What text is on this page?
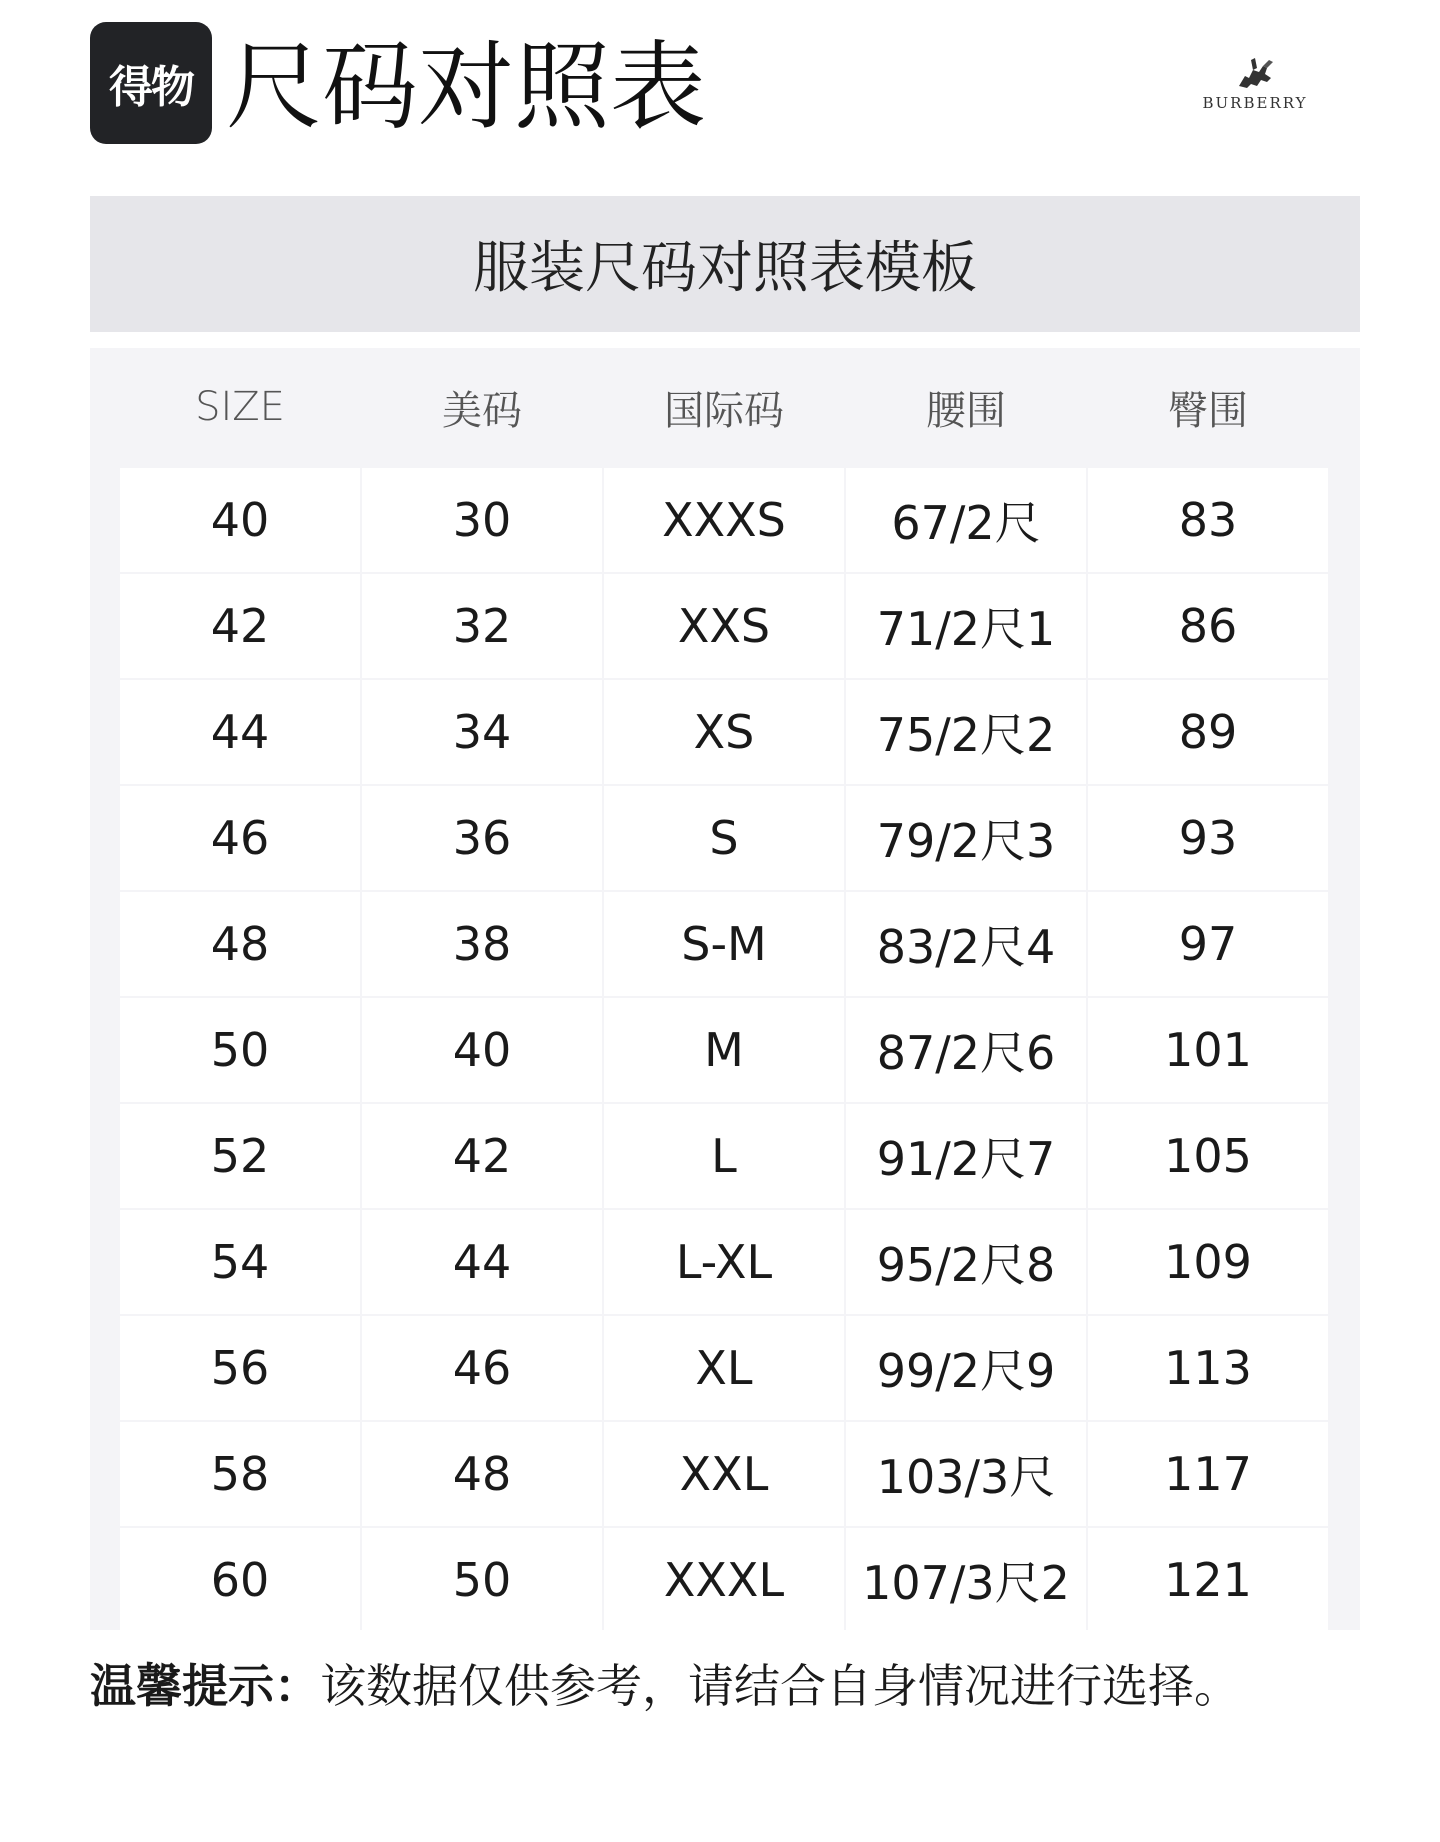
得物 尺码对照表	BURBERRY
服装尺码对照表模板
SIZE	美码	国际码	腰围	臀围
40	30	XXXS	67/2尺	83
42	32	XXS	71/2尺1	86
44	34	XS	75/2尺2	89
46	36	S	79/2尺3	93
48	38	S-M	83/2尺4	97
50	40	M	87/2尺6	101
52	42	L	91/2尺7	105
54	44	L-XL	95/2尺8	109
56	46	XL	99/2尺9	113
58	48	XXL	103/3尺	117
60	50	XXXL	107/3尺2	121
温馨提示：该数据仅供参考，请结合自身情况进行选择。
